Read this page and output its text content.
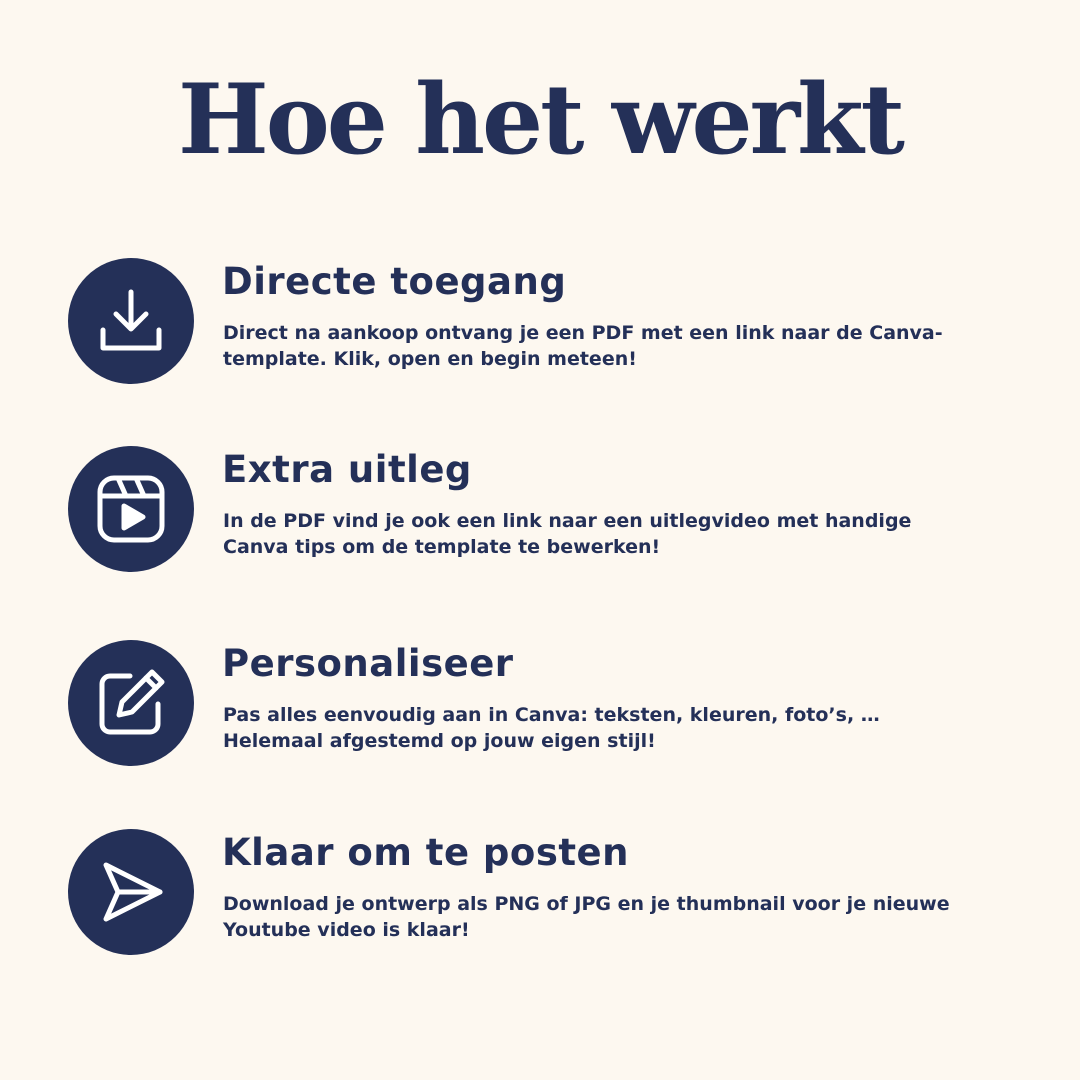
Hoe het werkt
Directe toegang
Direct na aankoop ontvang je een PDF met een link naar de Canva-template. Klik, open en begin meteen!
Extra uitleg
In de PDF vind je ook een link naar een uitlegvideo met handige Canva tips om de template te bewerken!
Personaliseer
Pas alles eenvoudig aan in Canva: teksten, kleuren, foto’s, … Helemaal afgestemd op jouw eigen stijl!
Klaar om te posten
Download je ontwerp als PNG of JPG en je thumbnail voor je nieuwe Youtube video is klaar!
